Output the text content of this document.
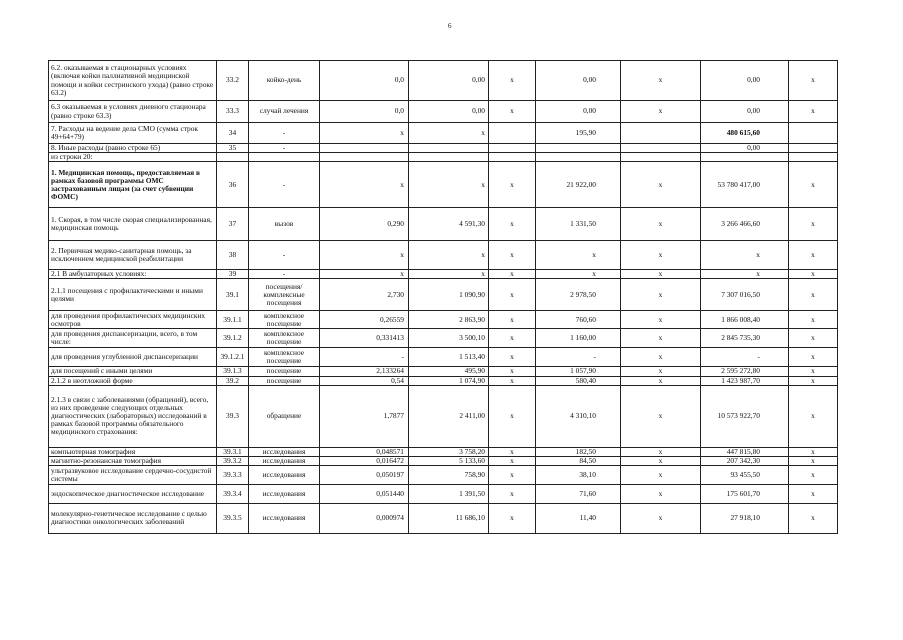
6
6.2. оказываемая в стационарных условиях (включая койки паллиативной медицинской помощи и койки сестринского ухода) (равно строке 63.2)	33.2	койко-день	0,0	0,00	x	0,00	x	0,00	x
6.3 оказываемая в условиях дневного стационара (равно строке 63.3)	33.3	случай лечения	0,0	0,00	x	0,00	x	0,00	x
7. Расходы на ведение дела СМО (сумма строк 49+64+79)	34	-	x	x		195,90		480 615,60	
8. Иные расходы (равно строке 65)	35	-						0,00	
из строки 20:									
1. Медицинская помощь, предоставляемая в рамках базовой программы ОМС застрахованным лицам (за счет субвенции ФОМС)	36	-	x	x	x	21 922,00	x	53 780 417,00	x
1. Скорая, в том числе скорая специализированная, медицинская помощь	37	вызов	0,290	4 591,30	x	1 331,50	x	3 266 466,60	x
2. Первичная медико-санитарная помощь, за исключением медицинской реабилитации	38	-	x	x	x	x	x	x	x
2.1 В амбулаторных условиях:	39	-	x	x	x	x	x	x	x
2.1.1 посещения с профилактическими и иными целями	39.1	посещения/комплексные посещения	2,730	1 090,90	x	2 978,50	x	7 307 016,50	x
для проведения профилактических медицинских осмотров	39.1.1	комплексное посещение	0,26559	2 863,90	x	760,60	x	1 866 008,40	x
для проведения диспансеризации, всего, в том числе:	39.1.2	комплексное посещение	0,331413	3 500,10	x	1 160,00	x	2 845 735,30	x
для проведения углубленной диспансеризации	39.1.2.1	комплексное посещение	-	1 513,40	x	-	x	-	x
для посещений с иными целями	39.1.3	посещение	2,133264	495,90	x	1 057,90	x	2 595 272,80	x
2.1.2 в неотложной форме	39.2	посещение	0,54	1 074,90	x	580,40	x	1 423 987,70	x
2.1.3 в связи с заболеваниями (обращений), всего, из них проведение следующих отдельных диагностических (лабораторных) исследований в рамках базовой программы обязательного медицинского страхования:	39.3	обращение	1,7877	2 411,00	x	4 310,10	x	10 573 922,70	x
компьютерная томография	39.3.1	исследования	0,048571	3 758,20	x	182,50	x	447 815,80	x
магнитно-резонансная томография	39.3.2	исследования	0,016472	5 133,60	x	84,50	x	207 342,30	x
ультразвуковое исследование сердечно-сосудистой системы	39.3.3	исследования	0,050197	758,90	x	38,10	x	93 455,50	x
эндоскопическое диагностическое исследование	39.3.4	исследования	0,051440	1 391,50	x	71,60	x	175 601,70	x
молекулярно-генетическое исследование с целью диагностики онкологических заболеваний	39.3.5	исследования	0,000974	11 686,10	x	11,40	x	27 918,10	x
